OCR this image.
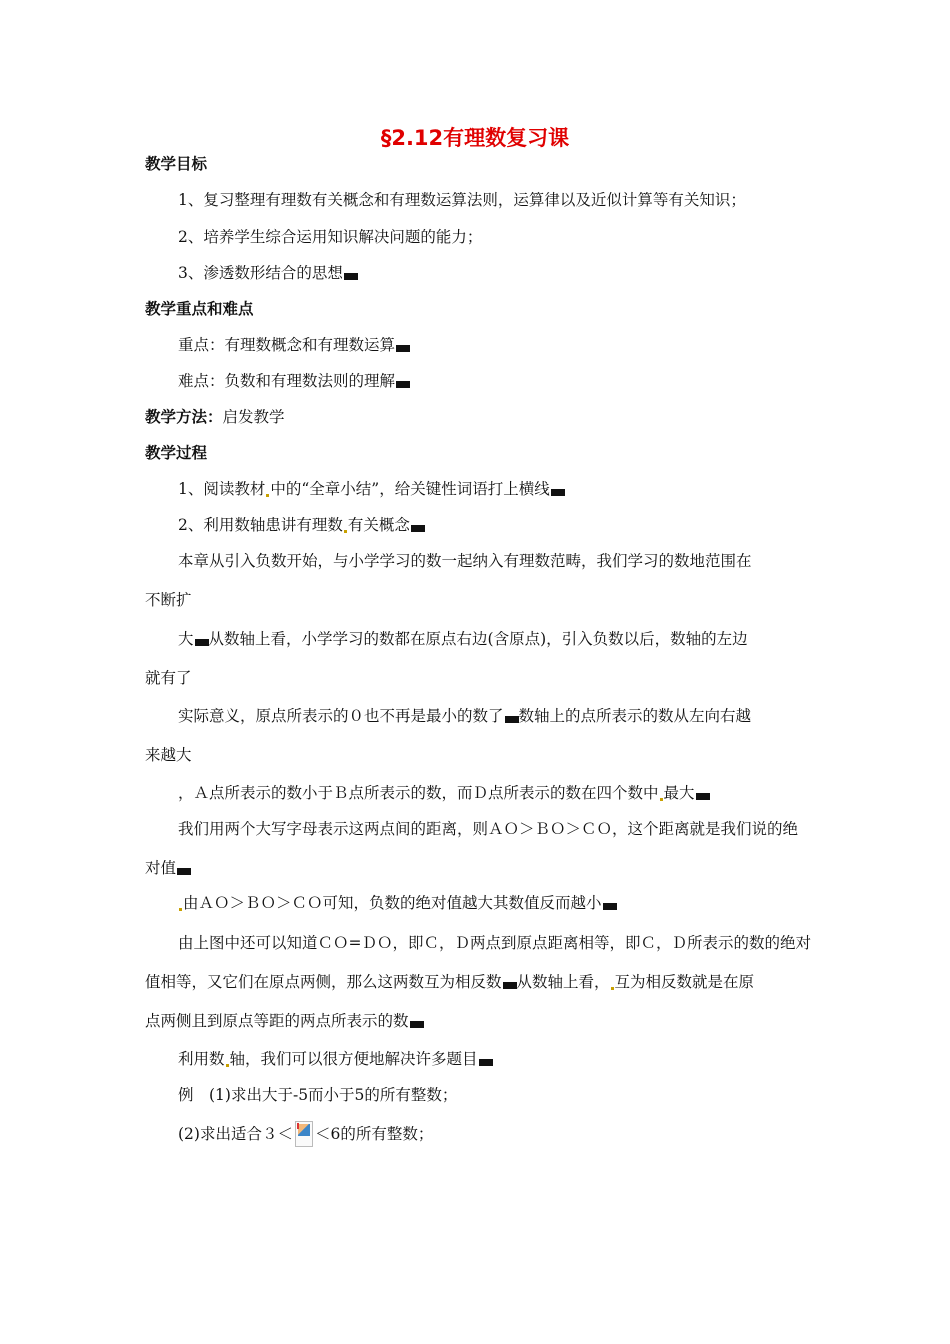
§2.12有理数复习课
教学目标
1、复习整理有理数有关概念和有理数运算法则，运算律以及近似计算等有关知识；
2、培养学生综合运用知识解决问题的能力；
3、渗透数形结合的思想
教学重点和难点
重点：有理数概念和有理数运算
难点：负数和有理数法则的理解
教学方法：启发教学
教学过程
1、阅读教材 中的“全章小结”，给关键性词语打上横线
2、利用数轴患讲有理数 有关概念
本章从引入负数开始，与小学学习的数一起纳入有理数范畴，我们学习的数地范围在
不断扩
大 从数轴上看，小学学习的数都在原点右边(含原点)，引入负数以后，数轴的左边
就有了
实际意义，原点所表示的０也不再是最小的数了 数轴上的点所表示的数从左向右越
来越大
，Ａ点所表示的数小于Ｂ点所表示的数，而Ｄ点所表示的数在四个数中 最大
我们用两个大写字母表示这两点间的距离，则ＡＯ＞ＢＯ＞ＣＯ，这个距离就是我们说的绝
对值
由ＡＯ＞ＢＯ＞ＣＯ可知，负数的绝对值越大其数值反而越小
由上图中还可以知道ＣＯ=ＤＯ，即Ｃ，Ｄ两点到原点距离相等，即Ｃ，Ｄ所表示的数的绝对
值相等，又它们在原点两侧，那么这两数互为相反数 从数轴上看， 互为相反数就是在原
点两侧且到原点等距的两点所表示的数
利用数 轴，我们可以很方便地解决许多题目
例　(1)求出大于-5而小于5的所有整数；
(2)求出适合３＜ ＜6的所有整数；
